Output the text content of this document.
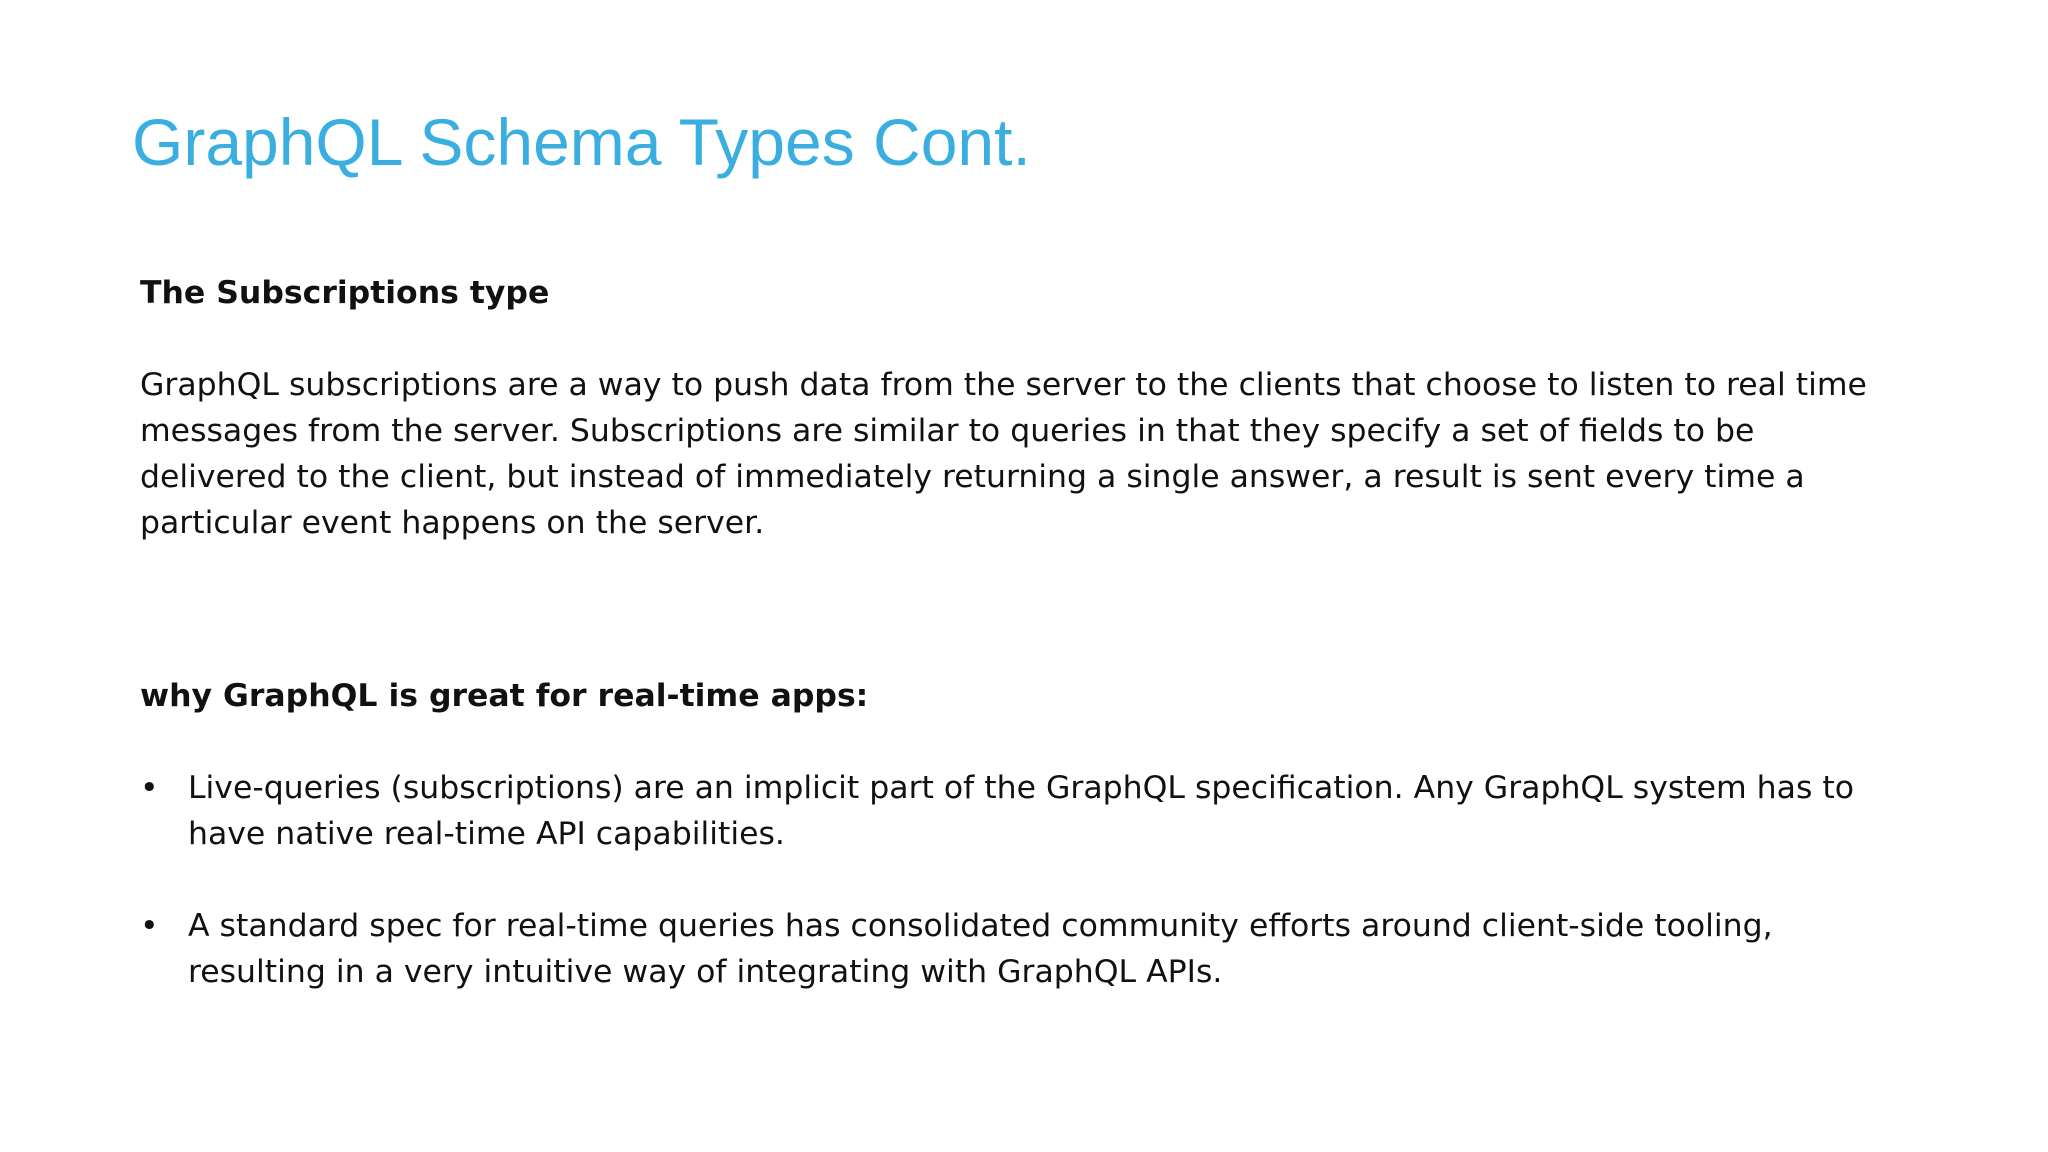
GraphQL Schema Types Cont.
The Subscriptions type

GraphQL subscriptions are a way to push data from the server to the clients that choose to listen to real time messages from the server. Subscriptions are similar to queries in that they specify a set of fields to be delivered to the client, but instead of immediately returning a single answer, a result is sent every time a particular event happens on the server.

why GraphQL is great for real-time apps:
• Live-queries (subscriptions) are an implicit part of the GraphQL specification. Any GraphQL system has to have native real-time API capabilities.
• A standard spec for real-time queries has consolidated community efforts around client-side tooling, resulting in a very intuitive way of integrating with GraphQL APIs.
